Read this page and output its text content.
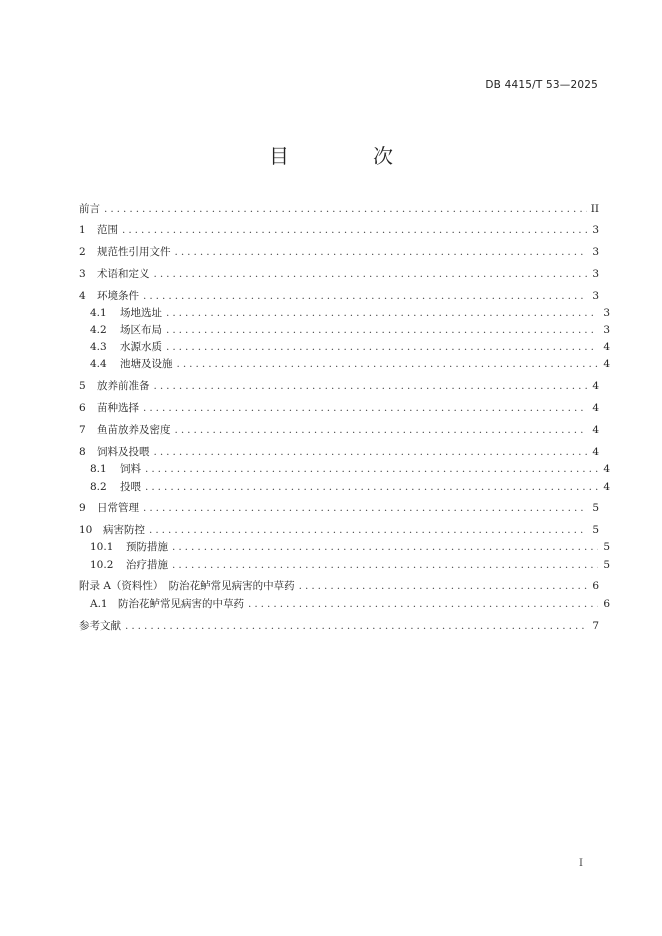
DB 4415/T 53—2025
目　次
前言 .....	II
1	范围 .....	3
2	规范性引用文件 .....	3
3	术语和定义 .....	3
4	环境条件 .....	3
4.1	场地选址 .....	3
4.2	场区布局 .....	3
4.3	水源水质 .....	4
4.4	池塘及设施 .....	4
5	放养前准备 .....	4
6	苗种选择 .....	4
7	鱼苗放养及密度 .....	4
8	饲料及投喂 .....	4
8.1	饲料 .....	4
8.2	投喂 .....	4
9	日常管理 .....	5
10	病害防控 .....	5
10.1	预防措施 .....	5
10.2	治疗措施 .....	5
附录 A（资料性）　防治花鲈常见病害的中草药 .....	6
A.1 防治花鲈常见病害的中草药 .....	6
参考文献 .....	7
I
